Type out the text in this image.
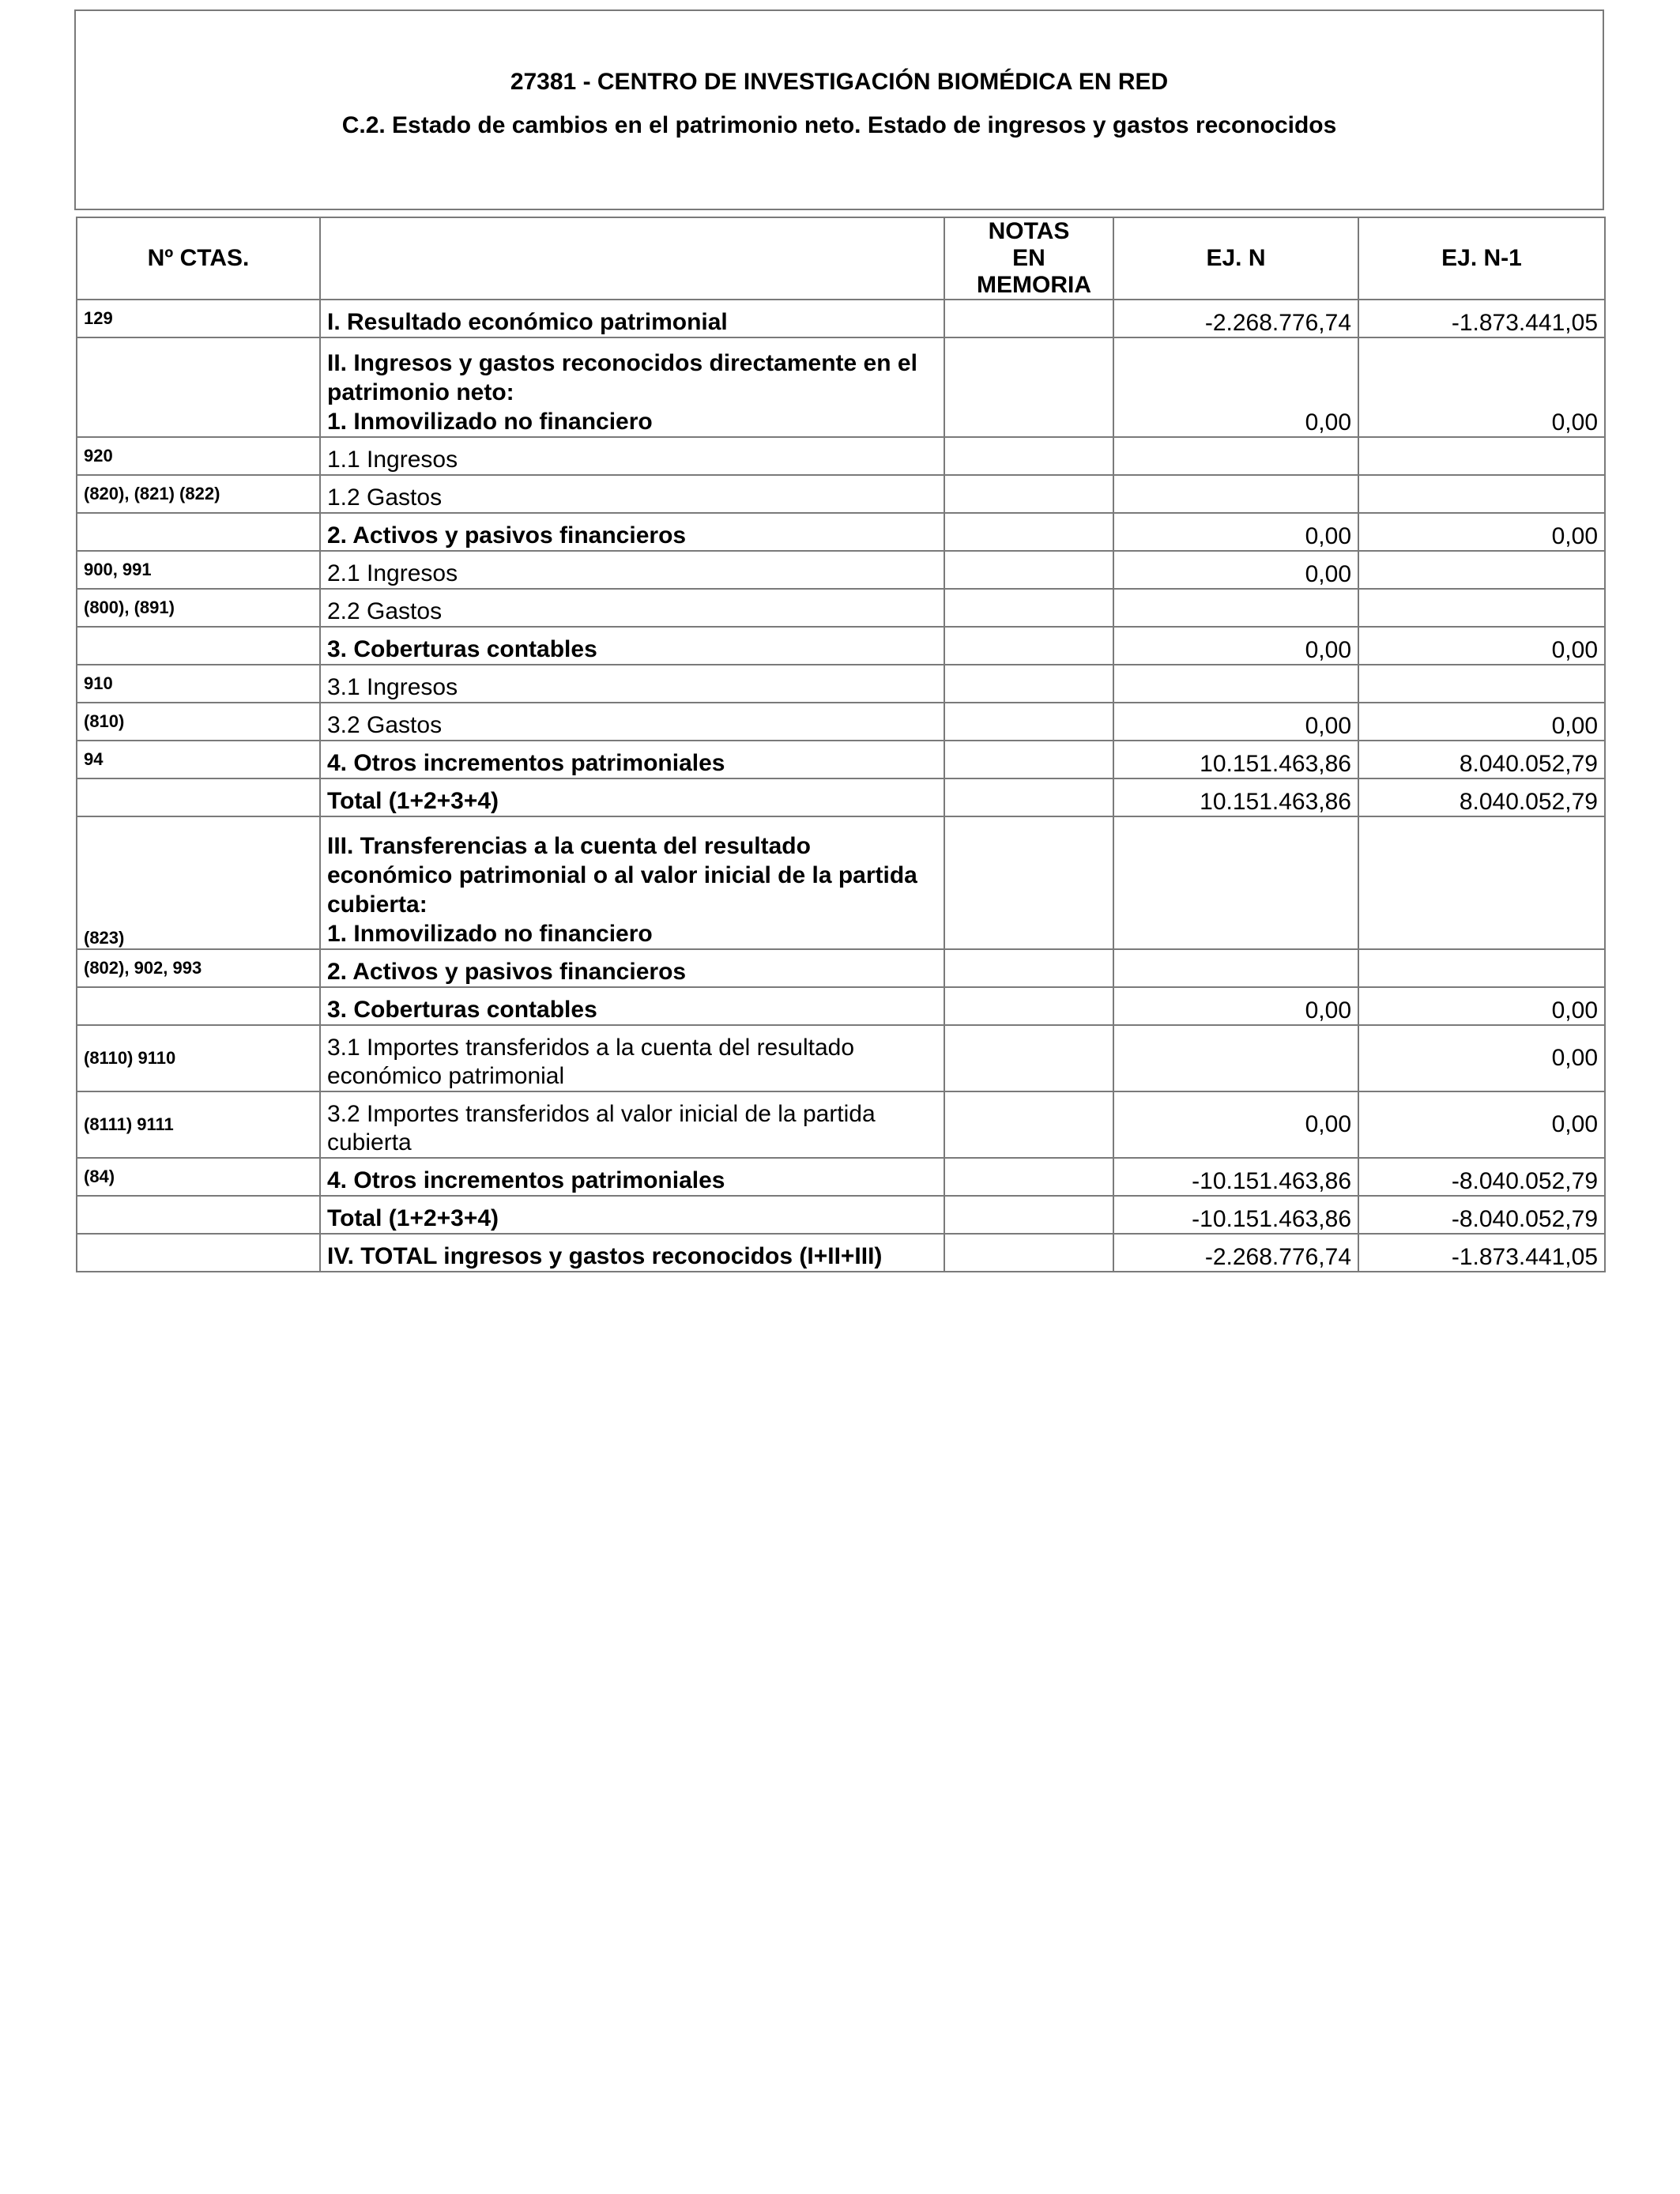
27381 - CENTRO DE INVESTIGACIÓN BIOMÉDICA EN RED
C.2. Estado de cambios en el patrimonio neto. Estado de ingresos y gastos reconocidos
Nº CTAS.		NOTAS EN MEMORIA	EJ. N	EJ. N-1
129	I. Resultado económico patrimonial		-2.268.776,74	-1.873.441,05

	II. Ingresos y gastos reconocidos directamente en el patrimonio neto:
1. Inmovilizado no financiero		0,00	0,00
920	1.1 Ingresos			
(820), (821) (822)	1.2 Gastos			
	2. Activos y pasivos financieros		0,00	0,00
900, 991	2.1 Ingresos		0,00	
(800), (891)	2.2 Gastos			
	3. Coberturas contables		0,00	0,00
910	3.1 Ingresos			
(810)	3.2 Gastos		0,00	0,00
94	4. Otros incrementos patrimoniales		10.151.463,86	8.040.052,79
	Total (1+2+3+4)		10.151.463,86	8.040.052,79
(823)	III. Transferencias a la cuenta del resultado económico patrimonial o al valor inicial de la partida cubierta:
1. Inmovilizado no financiero			

(802), 902, 993	2. Activos y pasivos financieros			
	3. Coberturas contables		0,00	0,00
(8110) 9110	3.1 Importes transferidos a la cuenta del resultado económico patrimonial			0,00
(8111) 9111	3.2 Importes transferidos al valor inicial de la partida cubierta		0,00	0,00
(84)	4. Otros incrementos patrimoniales		-10.151.463,86	-8.040.052,79
	Total (1+2+3+4)		-10.151.463,86	-8.040.052,79
	IV. TOTAL ingresos y gastos reconocidos (I+II+III)		-2.268.776,74	-1.873.441,05
